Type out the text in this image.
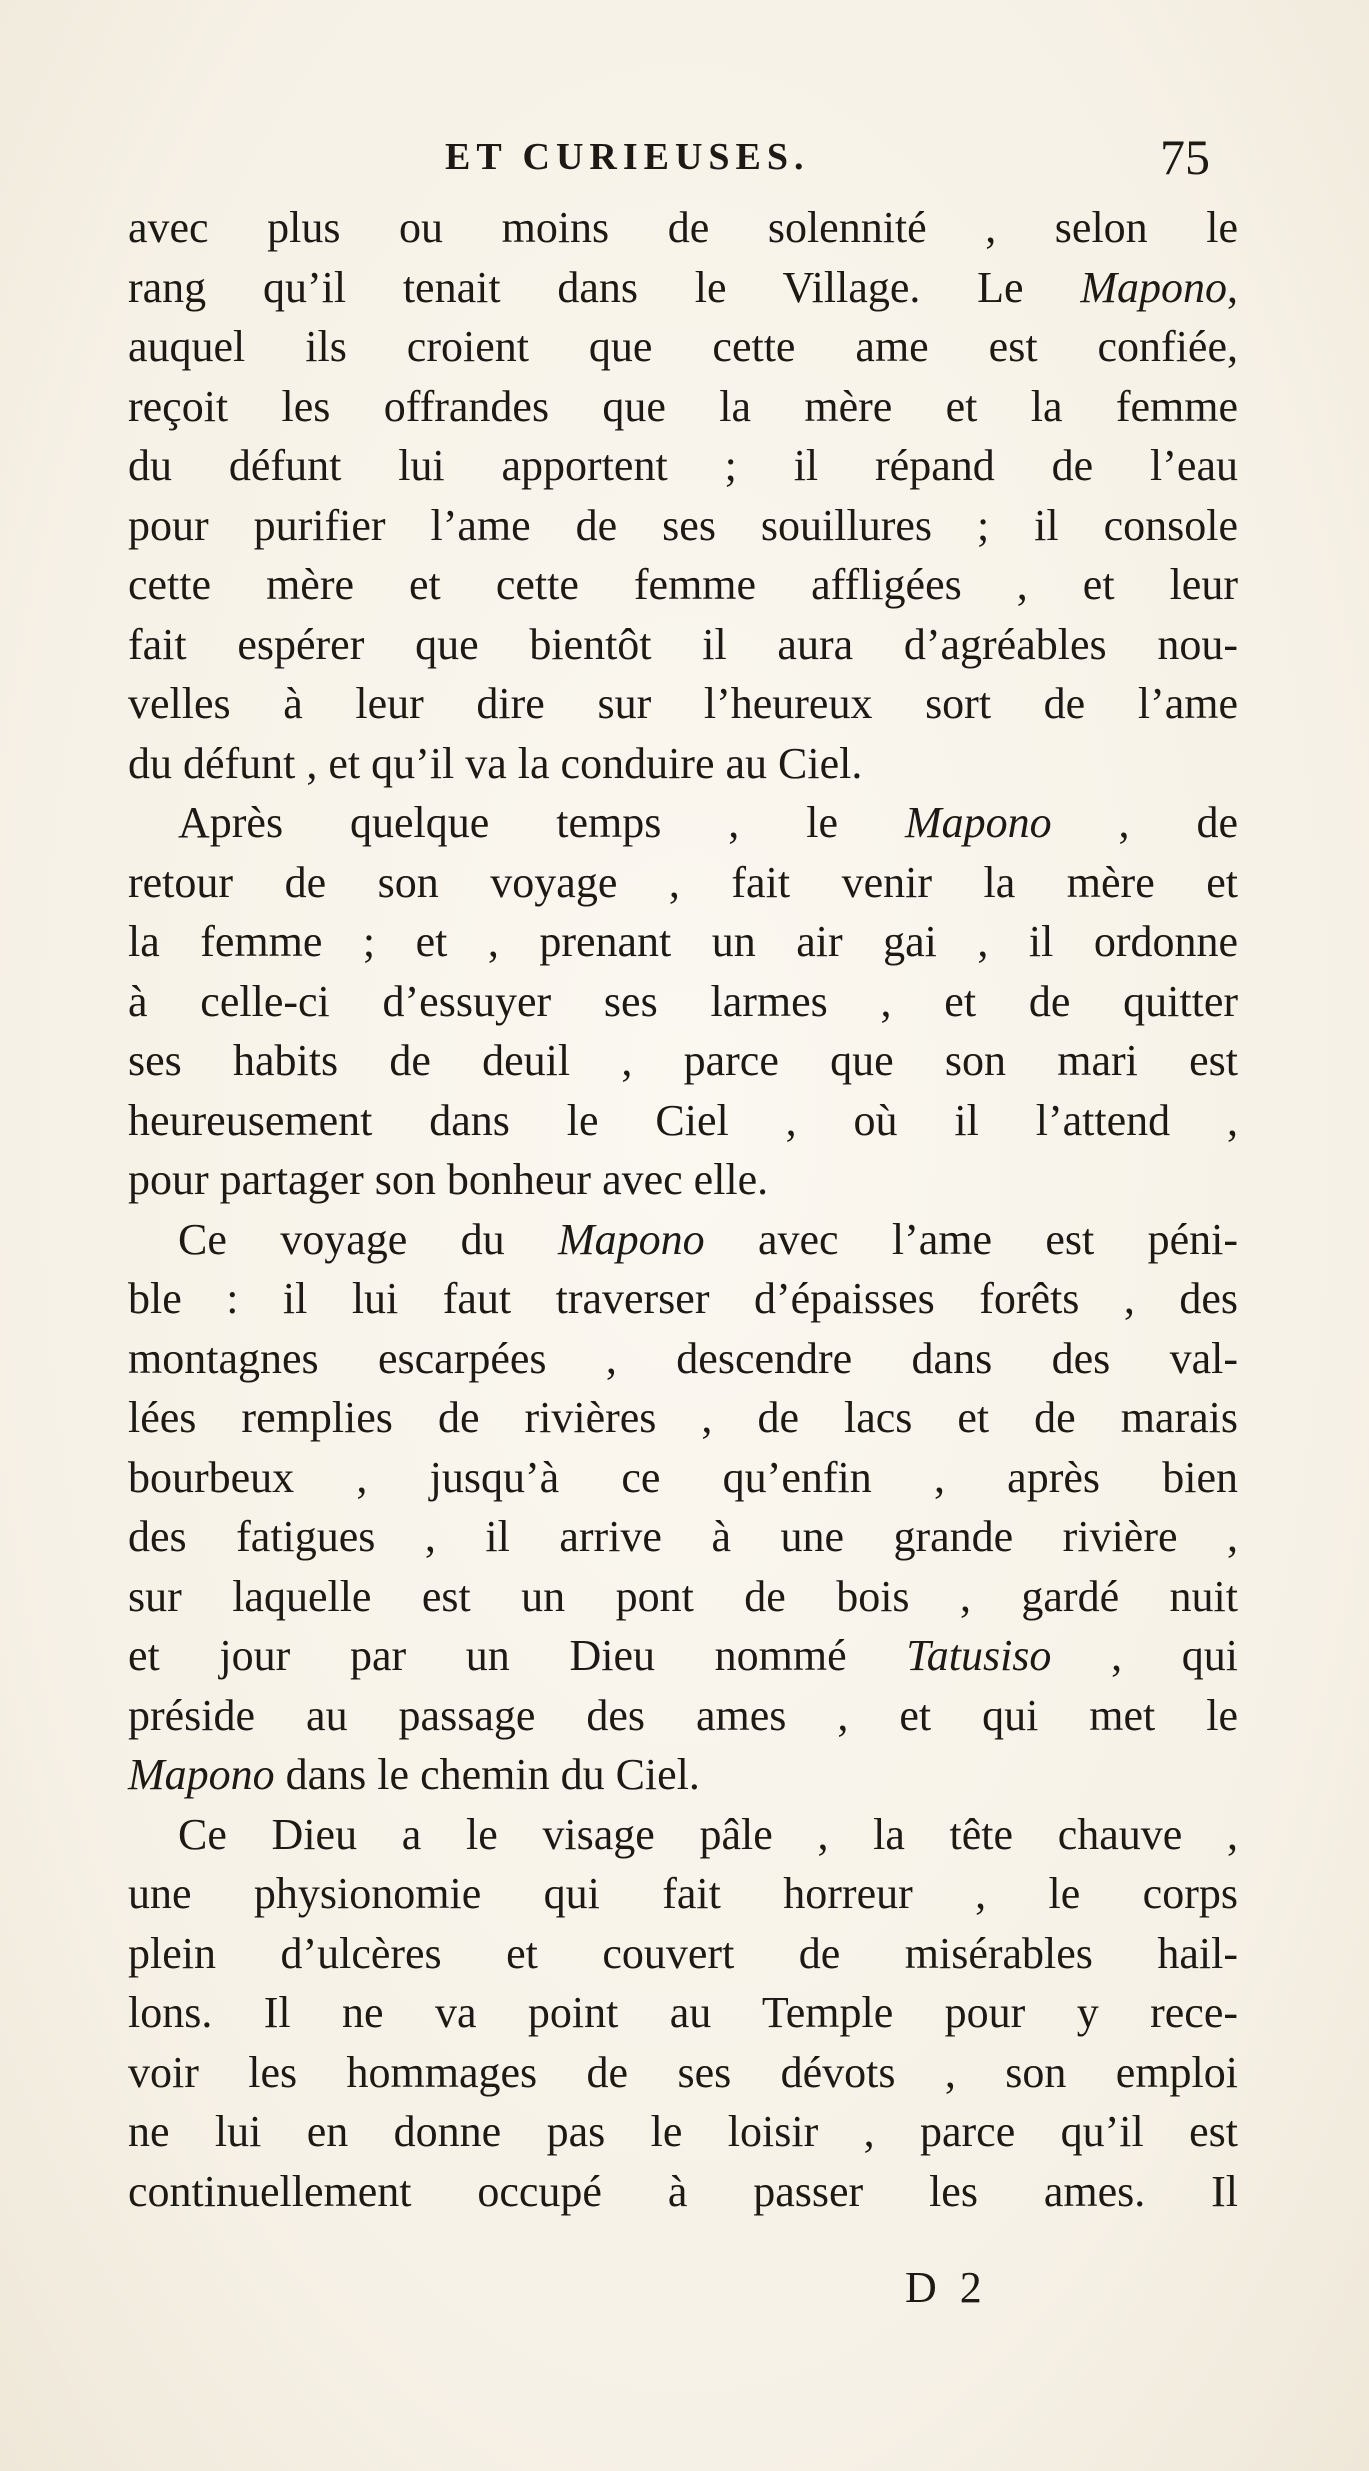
ET CURIEUSES.	75
avec plus ou moins de solennité , selon le
rang qu’il tenait dans le Village. Le Mapono,
auquel ils croient que cette ame est confiée,
reçoit les offrandes que la mère et la femme
du défunt lui apportent ; il répand de l’eau
pour purifier l’ame de ses souillures ; il console
cette mère et cette femme affligées , et leur
fait espérer que bientôt il aura d’agréables nou-
velles à leur dire sur l’heureux sort de l’ame
du défunt , et qu’il va la conduire au Ciel.
Après quelque temps , le Mapono , de
retour de son voyage , fait venir la mère et
la femme ; et , prenant un air gai , il ordonne
à celle-ci d’essuyer ses larmes , et de quitter
ses habits de deuil , parce que son mari est
heureusement dans le Ciel , où il l’attend ,
pour partager son bonheur avec elle.
Ce voyage du Mapono avec l’ame est péni-
ble : il lui faut traverser d’épaisses forêts , des
montagnes escarpées , descendre dans des val-
lées remplies de rivières , de lacs et de marais
bourbeux , jusqu’à ce qu’enfin , après bien
des fatigues , il arrive à une grande rivière ,
sur laquelle est un pont de bois , gardé nuit
et jour par un Dieu nommé Tatusiso , qui
préside au passage des ames , et qui met le
Mapono dans le chemin du Ciel.
Ce Dieu a le visage pâle , la tête chauve ,
une physionomie qui fait horreur , le corps
plein d’ulcères et couvert de misérables hail-
lons. Il ne va point au Temple pour y rece-
voir les hommages de ses dévots , son emploi
ne lui en donne pas le loisir , parce qu’il est
continuellement occupé à passer les ames. Il
D 2
